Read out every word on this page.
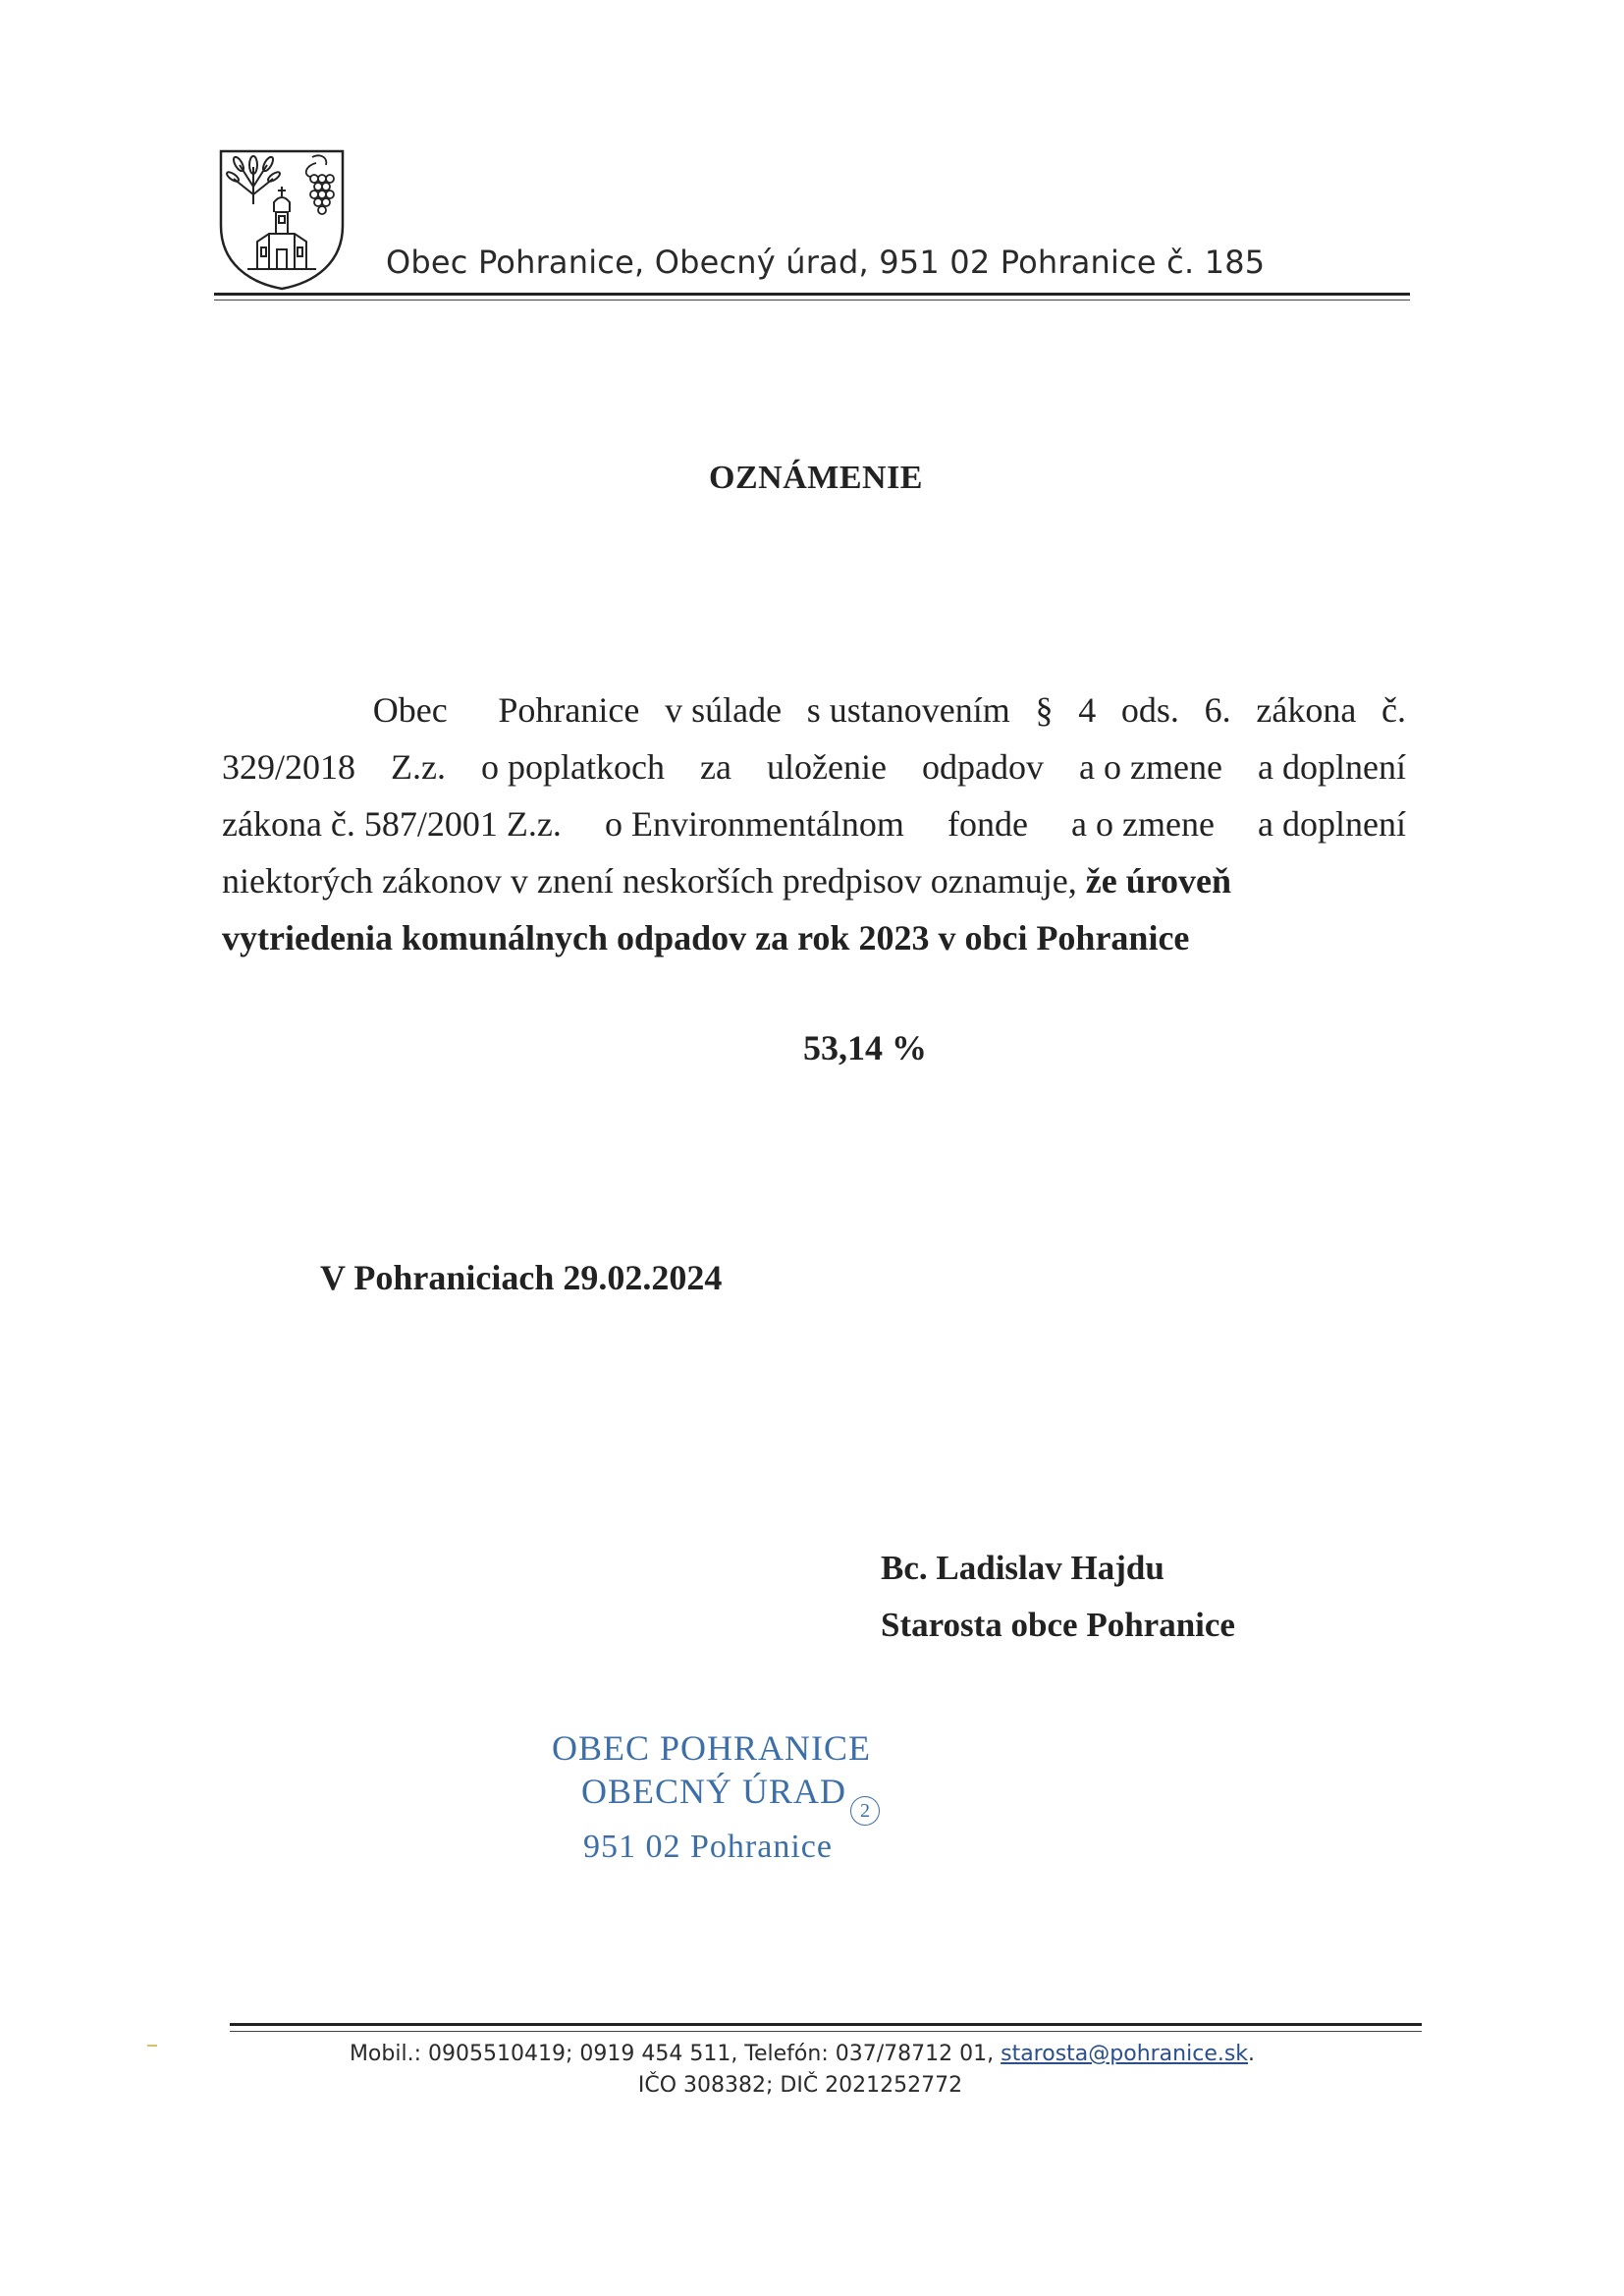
Obec Pohranice, Obecný úrad, 951 02 Pohranice č. 185
OZNÁMENIE
Obec Pohranice v súlade s ustanovením § 4 ods. 6. zákona č.
329/2018 Z.z. o poplatkoch za uloženie odpadov a o zmene a doplnení
zákona č. 587/2001 Z.z. o Environmentálnom fonde a o zmene a doplnení
niektorých zákonov v znení neskorších predpisov oznamuje, že úroveň
vytriedenia komunálnych odpadov za rok 2023 v obci Pohranice
53,14 %
V Pohraniciach 29.02.2024
Bc. Ladislav Hajdu
Starosta obce Pohranice
OBEC POHRANICE
OBECNÝ ÚRAD 2
951 02 Pohranice
Mobil.: 0905510419; 0919 454 511, Telefón: 037/78712 01, starosta@pohranice.sk.
IČO 308382; DIČ 2021252772
